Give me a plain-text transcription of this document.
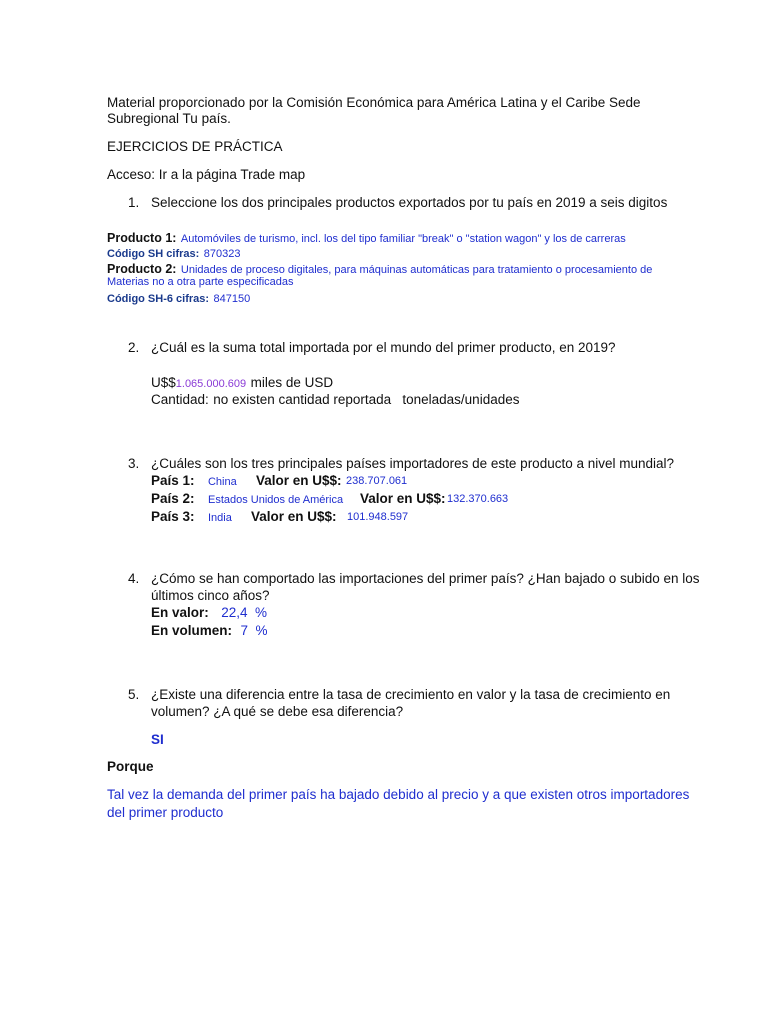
Material proporcionado por la Comisión Económica para América Latina y el Caribe Sede
Subregional Tu país.
EJERCICIOS DE PRÁCTICA
Acceso: Ir a la página Trade map
1. Seleccione los dos principales productos exportados por tu país en 2019 a seis digitos
Producto 1: Automóviles de turismo, incl. los del tipo familiar "break" o "station wagon" y los de carreras
Código SH cifras: 870323
Producto 2: Unidades de proceso digitales, para máquinas automáticas para tratamiento o procesamiento de
Materias no a otra parte especificadas
Código SH-6 cifras: 847150
2. ¿Cuál es la suma total importada por el mundo del primer producto, en 2019?
U$$1.065.000.609 miles de USD
Cantidad: no existen cantidad reportada   toneladas/unidades
3. ¿Cuáles son los tres principales países importadores de este producto a nivel mundial?
País 1: China Valor en U$$: 238.707.061
País 2: Estados Unidos de América Valor en U$$: 132.370.663
País 3: India Valor en U$$: 101.948.597
4. ¿Cómo se han comportado las importaciones del primer país? ¿Han bajado o subido en los
últimos cinco años?
En valor: 22,4  %
En volumen: 7  %
5. ¿Existe una diferencia entre la tasa de crecimiento en valor y la tasa de crecimiento en
volumen? ¿A qué se debe esa diferencia?
SI
Porque
Tal vez la demanda del primer país ha bajado debido al precio y a que existen otros importadores
del primer producto
